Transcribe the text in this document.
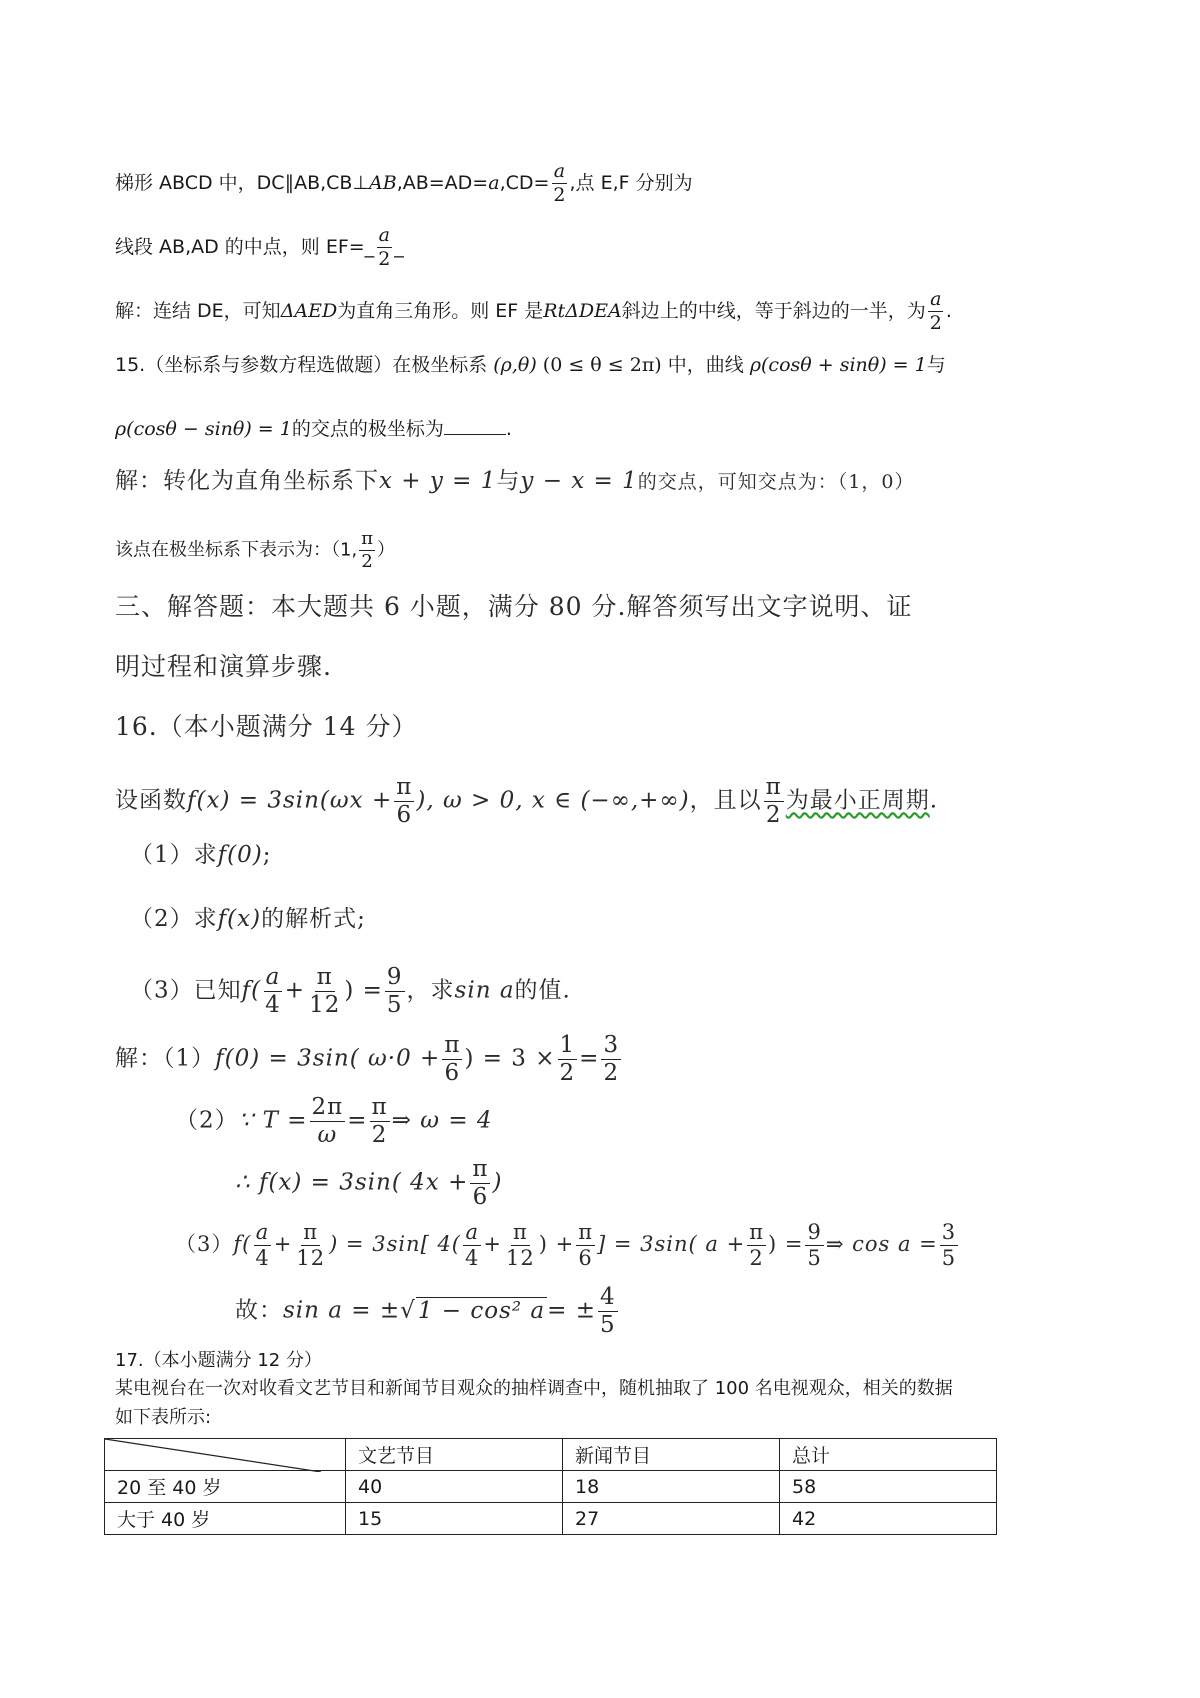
梯形 ABCD 中，DC∥AB,CB⊥AB,AB=AD=a,CD= $\frac{a}{2}$ ,点 E,F 分别为
线段 AB,AD 的中点，则 EF=_ $\frac{a}{2}$ _
解：连结 DE，可知ΔAED为直角三角形。则 EF 是RtΔDEA斜边上的中线，等于斜边的一半，为 $\frac{a}{2}$ .
15.（坐标系与参数方程选做题）在极坐标系 (ρ,θ) (0 ≤ θ ≤ 2π) 中，曲线 ρ(cosθ + sinθ) = 1与
ρ(cosθ − sinθ) = 1的交点的极坐标为	.
解：转化为直角坐标系下x + y = 1与y − x = 1的交点，可知交点为：（1，0）
该点在极坐标系下表示为：（1, $\frac{\pi}{2}$ ）
三、解答题：本大题共 6 小题，满分 80 分.解答须写出文字说明、证
明过程和演算步骤.
16.（本小题满分 14 分）
设函数$f(x) = 3\sin(\omega x + \frac{\pi}{6}$ ), ω > 0, x ∈ (−∞,+∞)，且以 $\frac{\pi}{2}$ 为最小正周期.
（1）求f(0);
（2）求f(x)的解析式;
（3）已知$f( \frac{a}{4} + \frac{\pi}{12}$ ) = $\frac{9}{5}$ ，求sin a的值.
解：（1）f(0) = 3sin( $\omega\cdot 0 + \frac{\pi}{6}$ ) = $3 \times \frac{1}{2} = \frac{3}{2}$
（2）∵ $T = \frac{2\pi}{\omega} = \frac{\pi}{2}$ ⇒ ω = 4
∴ f(x) = 3sin( $4x + \frac{\pi}{6}$ )
$(3)f( \frac{a}{4} + \frac{\pi}{12}$ ) = 3sin[ $4( \frac{a}{4} + \frac{\pi}{12}$ ) + $\frac{\pi}{6}$ ] = 3sin( $a + \frac{\pi}{2}$ ) = $\frac{9}{5}$ ⇒ $\cos a = \frac{3}{5}$
故：sin a = ±√1 − cos² $a= \pm \frac{4}{5}$
17.（本小题满分 12 分）
某电视台在一次对收看文艺节目和新闻节目观众的抽样调查中，随机抽取了 100 名电视观众，相关的数据
如下表所示:
	文艺节目	新闻节目	总计
20 至 40 岁	40	18	58
大于 40 岁	15	27	42
